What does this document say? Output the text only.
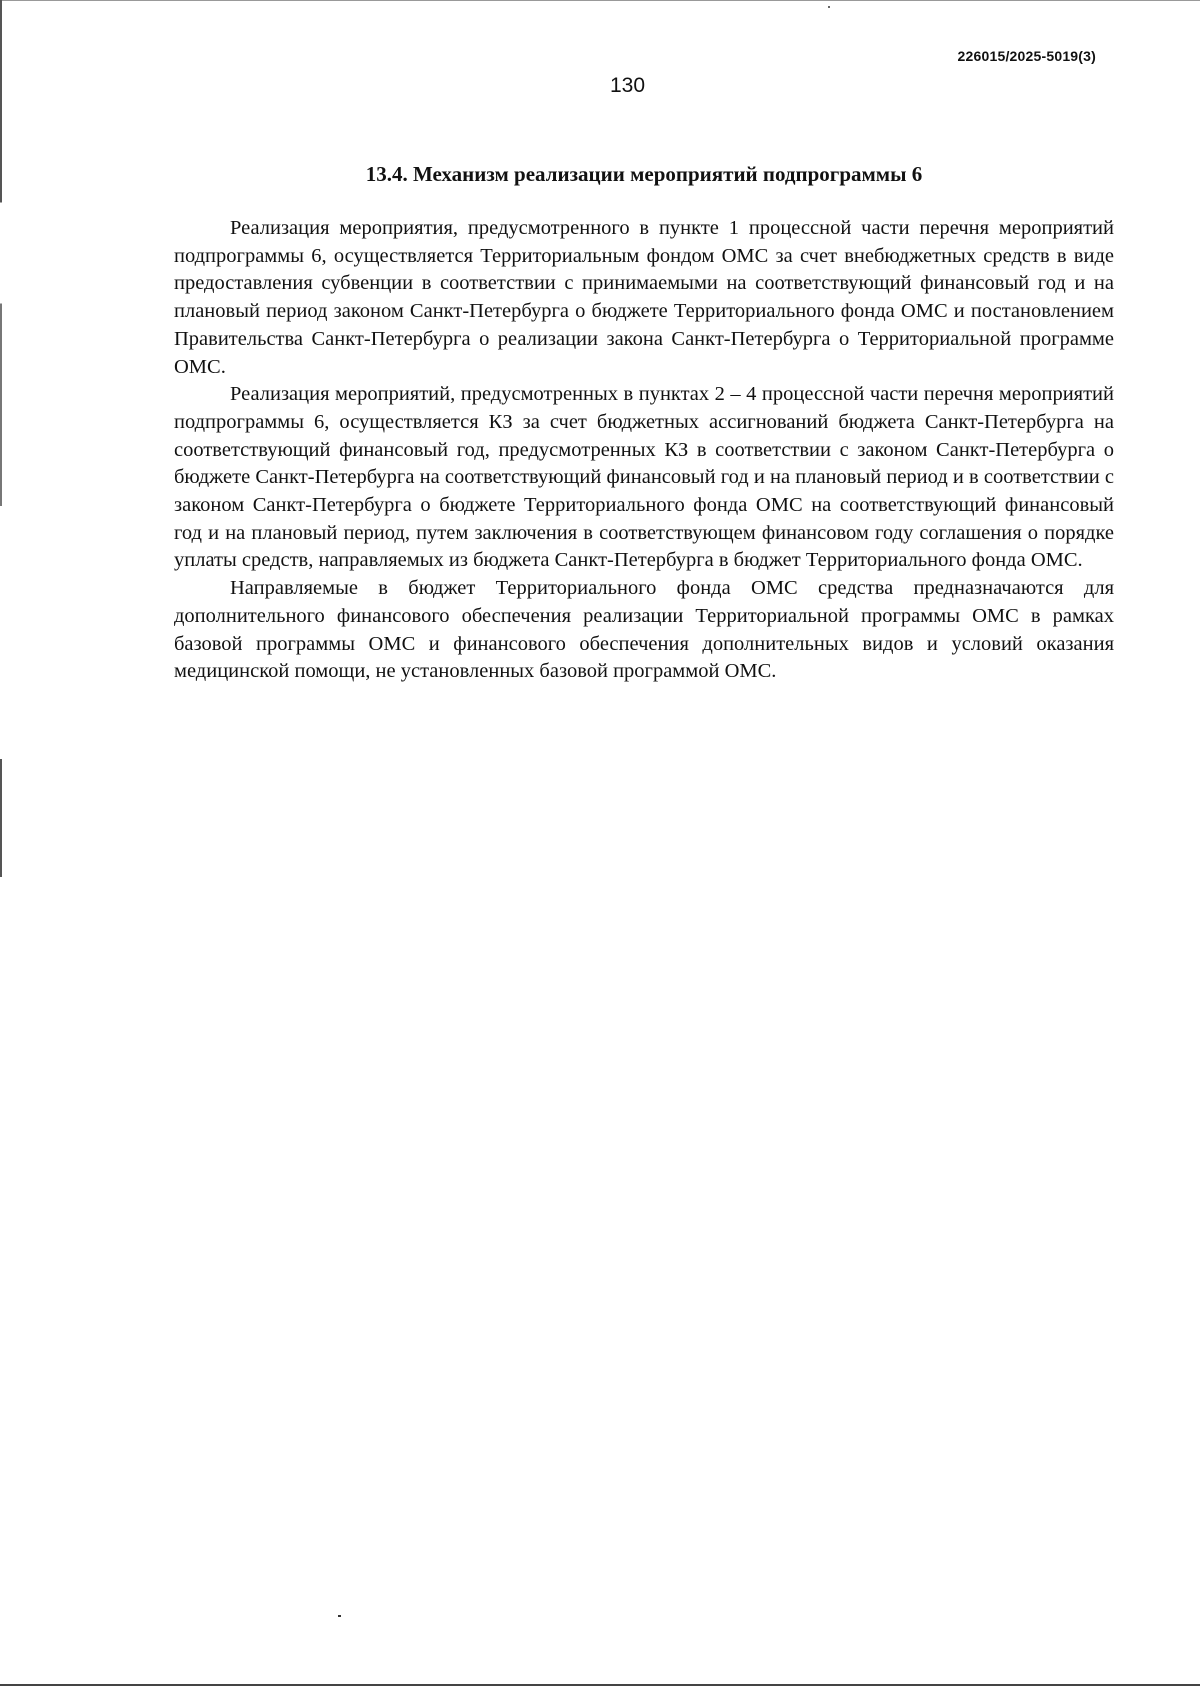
226015/2025-5019(3)
130
13.4. Механизм реализации мероприятий подпрограммы 6

Реализация мероприятия, предусмотренного в пункте 1 процессной части перечня мероприятий подпрограммы 6, осуществляется Территориальным фондом ОМС за счет внебюджетных средств в виде предоставления субвенции в соответствии с принимаемыми на соответствующий финансовый год и на плановый период законом Санкт-Петербурга о бюджете Территориального фонда ОМС и постановлением Правительства Санкт-Петербурга о реализации закона Санкт-Петербурга о Территориальной программе ОМС.

Реализация мероприятий, предусмотренных в пунктах 2 – 4 процессной части перечня мероприятий подпрограммы 6, осуществляется КЗ за счет бюджетных ассигнований бюджета Санкт-Петербурга на соответствующий финансовый год, предусмотренных КЗ в соответствии с законом Санкт-Петербурга о бюджете Санкт-Петербурга на соответствующий финансовый год и на плановый период и в соответствии с законом Санкт-Петербурга о бюджете Территориального фонда ОМС на соответствующий финансовый год и на плановый период, путем заключения в соответствующем финансовом году соглашения о порядке уплаты средств, направляемых из бюджета Санкт-Петербурга в бюджет Территориального фонда ОМС.

Направляемые в бюджет Территориального фонда ОМС средства предназначаются для дополнительного финансового обеспечения реализации Территориальной программы ОМС в рамках базовой программы ОМС и финансового обеспечения дополнительных видов и условий оказания медицинской помощи, не установленных базовой программой ОМС.
